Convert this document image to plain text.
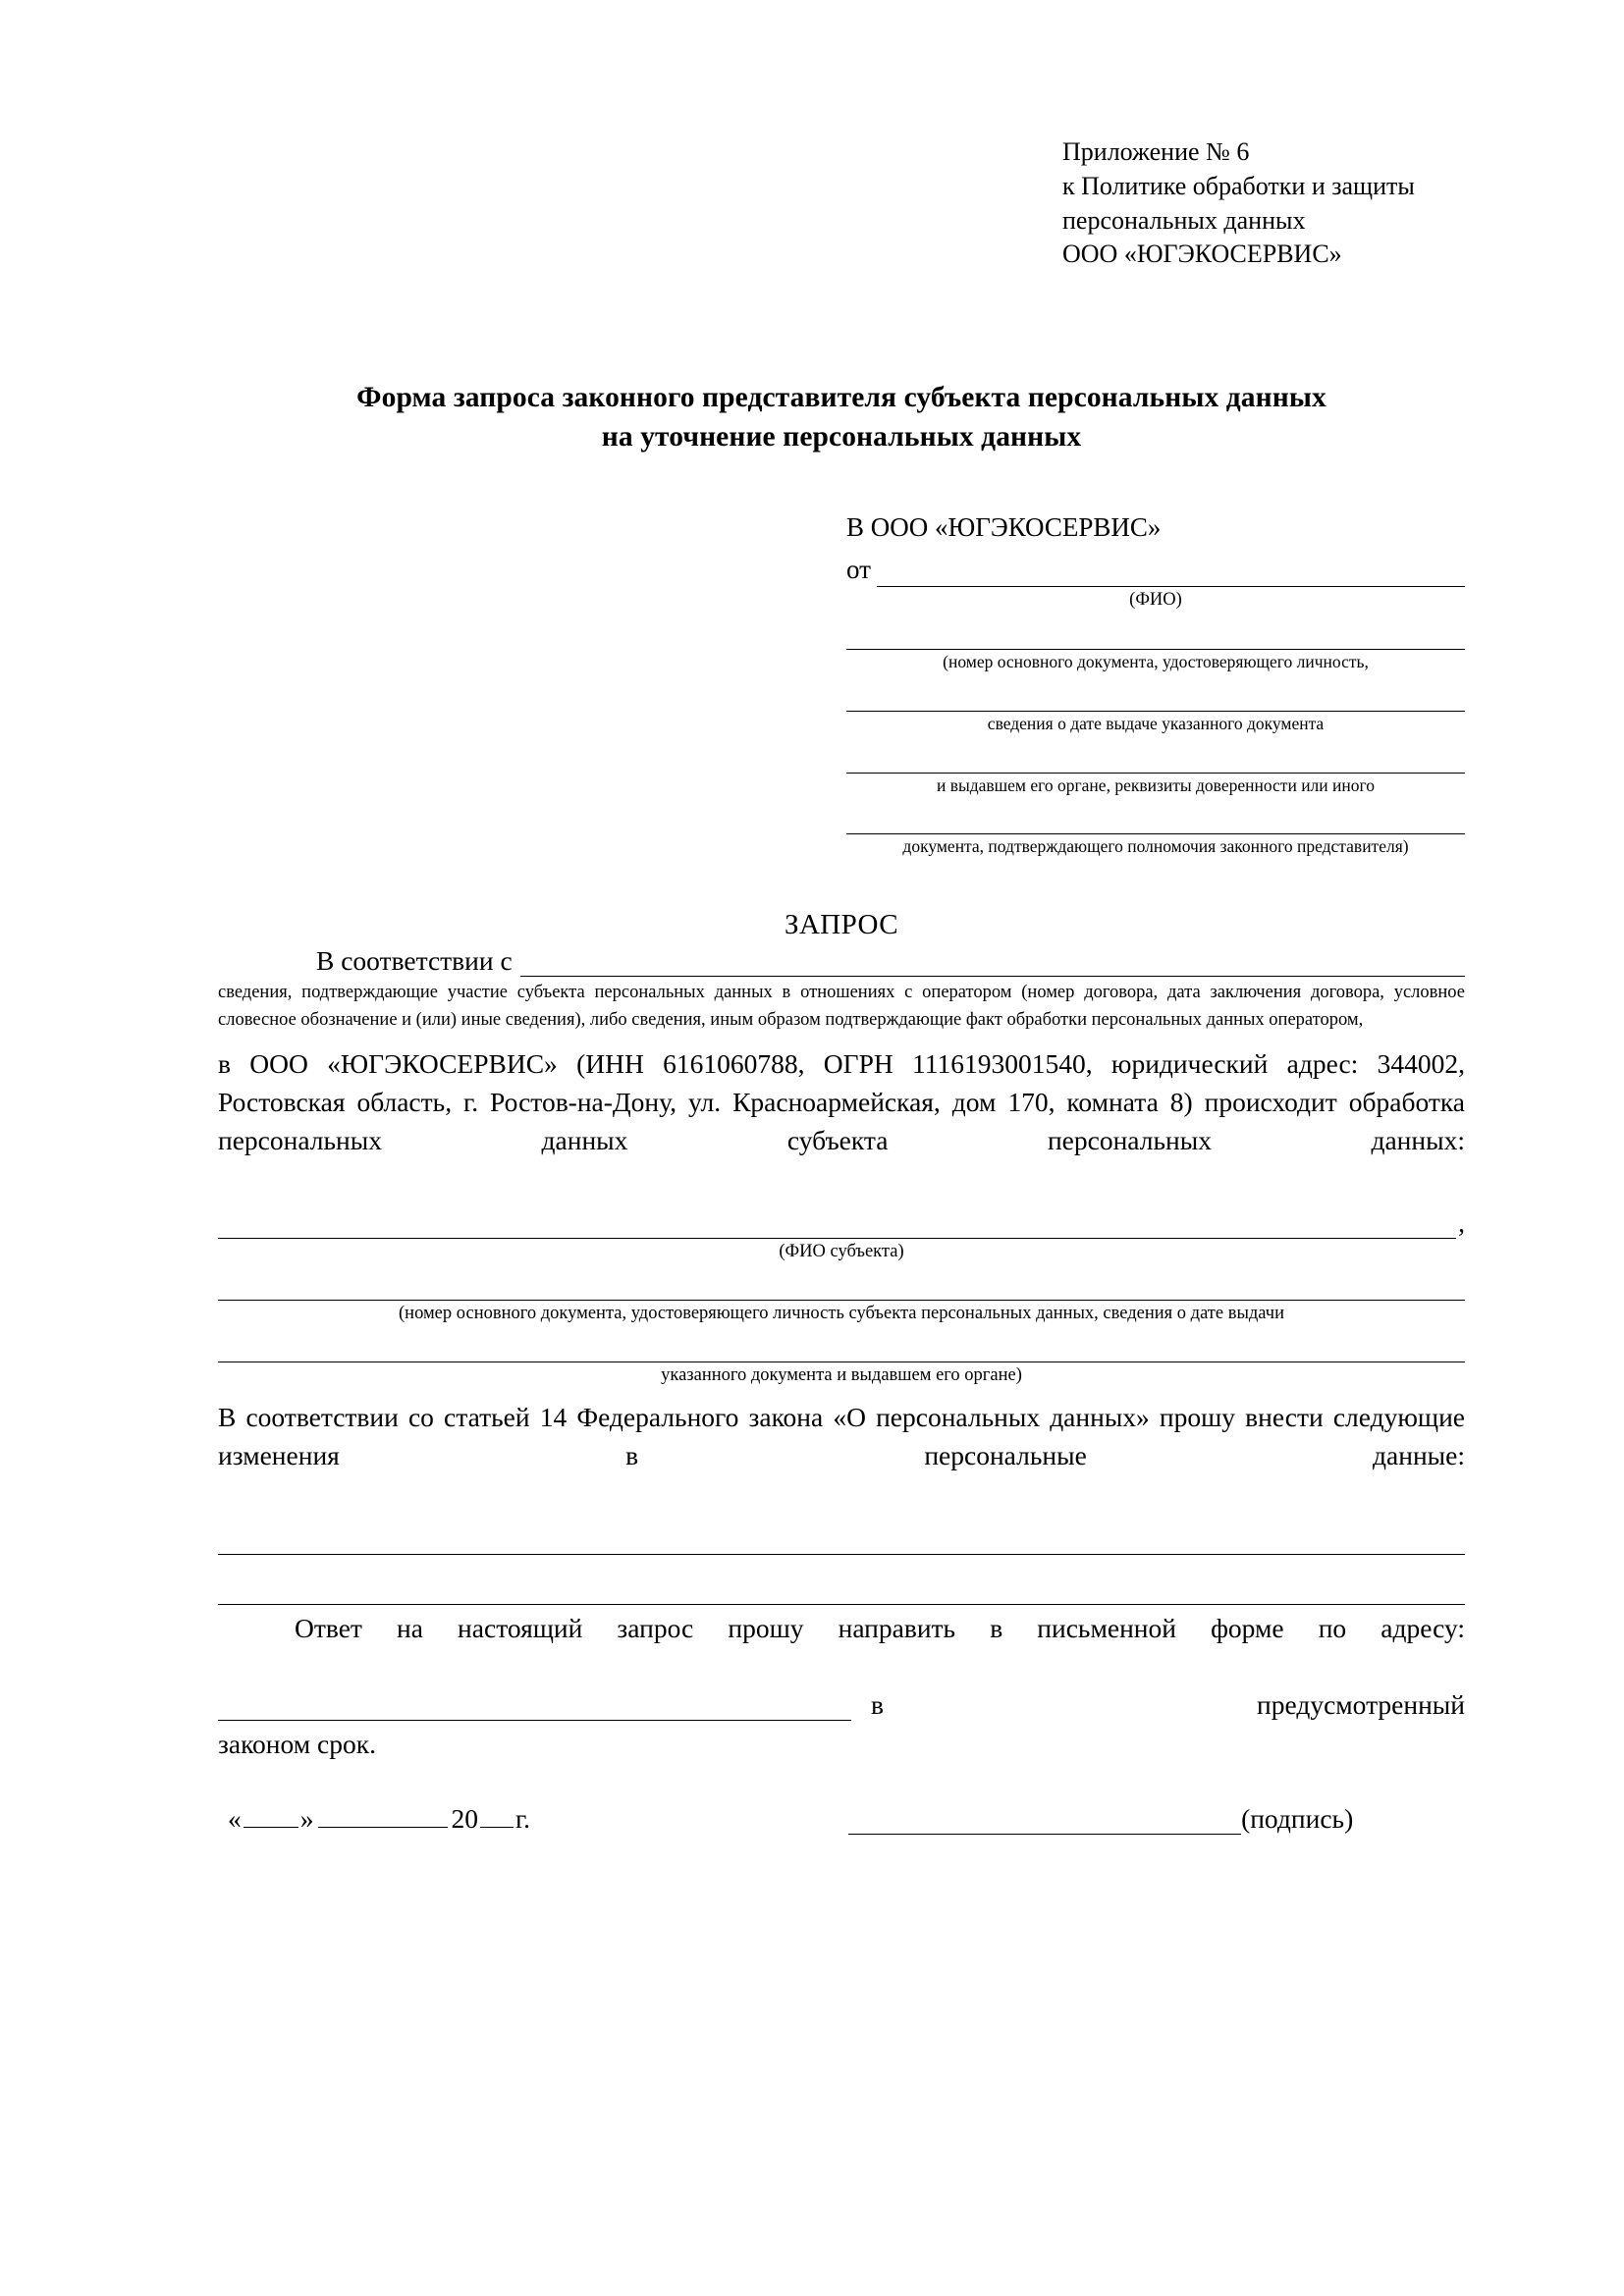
Приложение № 6
к Политике обработки и защиты
персональных данных
ООО «ЮГЭКОСЕРВИС»
Форма запроса законного представителя субъекта персональных данных
на уточнение персональных данных
В ООО «ЮГЭКОСЕРВИС»
от
(ФИО)
(номер основного документа, удостоверяющего личность,
сведения о дате выдаче указанного документа
и выдавшем его органе, реквизиты доверенности или иного
документа, подтверждающего полномочия законного представителя)
ЗАПРОС
В соответствии с
сведения, подтверждающие участие субъекта персональных данных в отношениях с оператором (номер договора, дата заключения договора, условное словесное обозначение и (или) иные сведения), либо сведения, иным образом подтверждающие факт обработки персональных данных оператором,
в ООО «ЮГЭКОСЕРВИС» (ИНН 6161060788, ОГРН 1116193001540, юридический адрес: 344002, Ростовская область, г. Ростов-на-Дону, ул. Красноармейская, дом 170, комната 8) происходит обработка персональных данных субъекта персональных данных:
,
(ФИО субъекта)
(номер основного документа, удостоверяющего личность субъекта персональных данных, сведения о дате выдачи
указанного документа и выдавшем его органе)
В соответствии со статьей 14 Федерального закона «О персональных данных» прошу внести следующие изменения в персональные данные:
Ответ на настоящий запрос прошу направить в письменной форме по адресу:
в	предусмотренный
законом срок.
« »	20 г.	(подпись)
